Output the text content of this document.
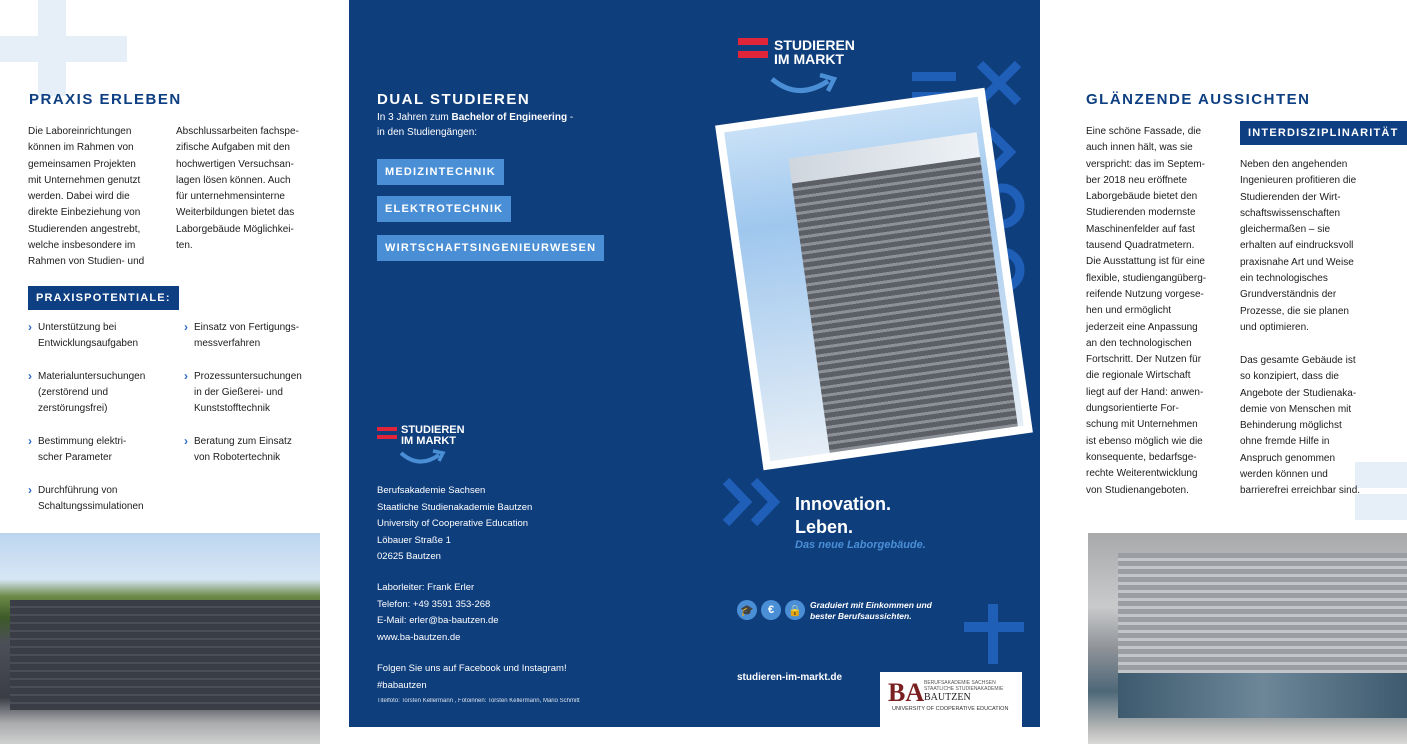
PRAXIS ERLEBEN
Die Laboreinrichtungen
können im Rahmen von
gemeinsamen Projekten
mit Unternehmen genutzt
werden. Dabei wird die
direkte Einbeziehung von
Studierenden angestrebt,
welche insbesondere im
Rahmen von Studien- und
Abschlussarbeiten fachspe-
zifische Aufgaben mit den
hochwertigen Versuchsan-
lagen lösen können. Auch
für unternehmensinterne
Weiterbildungen bietet das
Laborgebäude Möglichkei-
ten.
PRAXISPOTENTIALE:
› Unterstützung bei
Entwicklungsaufgaben
› Materialuntersuchungen
(zerstörend und
zerstörungsfrei)
› Bestimmung elektri-
scher Parameter
› Durchführung von
Schaltungssimulationen
› Einsatz von Fertigungs-
messverfahren
› Prozessuntersuchungen
in der Gießerei- und
Kunststofftechnik
› Beratung zum Einsatz
von Robotertechnik
DUAL STUDIEREN
In 3 Jahren zum Bachelor of Engineering -
in den Studiengängen:
MEDIZINTECHNIK
ELEKTROTECHNIK
WIRTSCHAFTSINGENIEURWESEN
STUDIEREN
IM MARKT
Berufsakademie Sachsen
Staatliche Studienakademie Bautzen
University of Cooperative Education
Löbauer Straße 1
02625 Bautzen
Laborleiter: Frank Erler
Telefon: +49 3591 353-268
E-Mail: erler@ba-bautzen.de
www.ba-bautzen.de
Folgen Sie uns auf Facebook und Instagram!
#babautzen
Titelfoto: Torsten Kellermann , Fotoinnen: Torsten Kellermann, Mario Schmitt
STUDIEREN
IM MARKT
Innovation.
Leben.
Das neue Laborgebäude.
🎓	€	🔒 Graduiert mit Einkommen und
bester Berufsaussichten.
studieren-im-markt.de
BA BERUFSAKADEMIE SACHSEN
STAATLICHE STUDIENAKADEMIE
BAUTZEN
UNIVERSITY OF COOPERATIVE EDUCATION
GLÄNZENDE AUSSICHTEN
Eine schöne Fassade, die
auch innen hält, was sie
verspricht: das im Septem-
ber 2018 neu eröffnete
Laborgebäude bietet den
Studierenden modernste
Maschinenfelder auf fast
tausend Quadratmetern.
Die Ausstattung ist für eine
flexible, studiengangüberg-
reifende Nutzung vorgese-
hen und ermöglicht
jederzeit eine Anpassung
an den technologischen
Fortschritt. Der Nutzen für
die regionale Wirtschaft
liegt auf der Hand: anwen-
dungsorientierte For-
schung mit Unternehmen
ist ebenso möglich wie die
konsequente, bedarfsge-
rechte Weiterentwicklung
von Studienangeboten.
INTERDISZIPLINARITÄT
Neben den angehenden
Ingenieuren profitieren die
Studierenden der Wirt-
schaftswissenschaften
gleichermaßen – sie
erhalten auf eindrucksvoll
praxisnahe Art und Weise
ein technologisches
Grundverständnis der
Prozesse, die sie planen
und optimieren.
Das gesamte Gebäude ist
so konzipiert, dass die
Angebote der Studienaka-
demie von Menschen mit
Behinderung möglichst
ohne fremde Hilfe in
Anspruch genommen
werden können und
barrierefrei erreichbar sind.
